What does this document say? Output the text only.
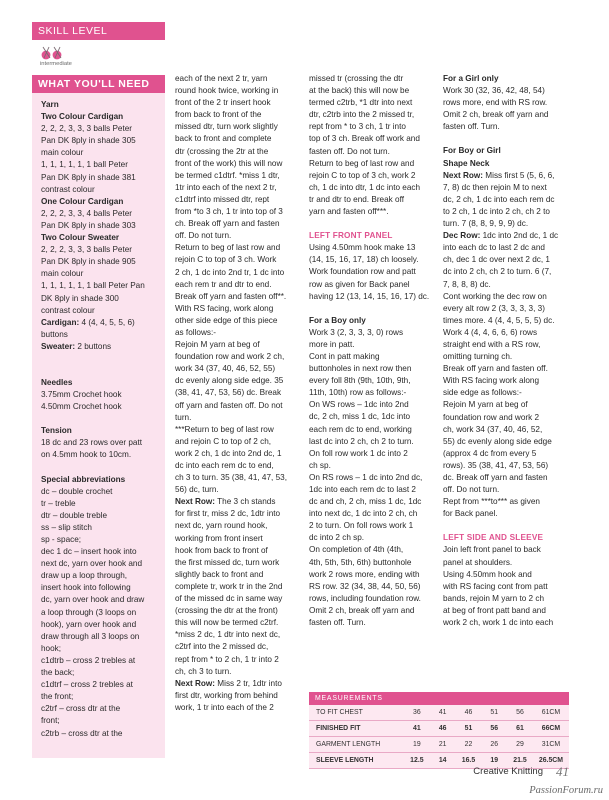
SKILL LEVEL
intermediate
WHAT YOU'LL NEED
Yarn
Two Colour Cardigan
2, 2, 2, 3, 3, 3 balls Peter
Pan DK 8ply in shade 305
main colour
1, 1, 1, 1, 1, 1 ball Peter
Pan DK 8ply in shade 381
contrast colour
One Colour Cardigan
2, 2, 2, 3, 3, 4 balls Peter
Pan DK 8ply in shade 303
Two Colour Sweater
2, 2, 2, 3, 3, 3 balls Peter
Pan DK 8ply in shade 905
main colour
1, 1, 1, 1, 1, 1 ball Peter Pan
DK 8ply in shade 300
contrast colour
Cardigan: 4 (4, 4, 5, 5, 6)
buttons
Sweater: 2 buttons
Needles
3.75mm Crochet hook
4.50mm Crochet hook
Tension
18 dc and 23 rows over patt
on 4.5mm hook to 10cm.
Special abbreviations
dc – double crochet
tr – treble
dtr – double treble
ss – slip stitch
sp - space;
dec 1 dc – insert hook into
next dc, yarn over hook and
draw up a loop through,
insert hook into following
dc, yarn over hook and draw
a loop through (3 loops on
hook), yarn over hook and
draw through all 3 loops on
hook;
c1dtrb – cross 2 trebles at
the back;
c1dtrf – cross 2 trebles at
the front;
c2trf – cross dtr at the
front;
c2trb – cross dtr at the
each of the next 2 tr, yarn
round hook twice, working in
front of the 2 tr insert hook
from back to front of the
missed dtr, turn work slightly
back to front and complete
dtr (crossing the 2tr at the
front of the work) this will now
be termed c1dtrf. *miss 1 dtr,
1tr into each of the next 2 tr,
c1dtrf into missed dtr, rept
from *to 3 ch, 1 tr into top of 3
ch. Break off yarn and fasten
off. Do not turn.
Return to beg of last row and
rejoin C to top of 3 ch. Work
2 ch, 1 dc into 2nd tr, 1 dc into
each rem tr and dtr to end.
Break off yarn and fasten off**.
With RS facing, work along
other side edge of this piece
as follows:-
Rejoin M yarn at beg of
foundation row and work 2 ch,
work 34 (37, 40, 46, 52, 55)
dc evenly along side edge. 35
(38, 41, 47, 53, 56) dc. Break
off yarn and fasten off. Do not
turn.
***Return to beg of last row
and rejoin C to top of 2 ch,
work 2 ch, 1 dc into 2nd dc, 1
dc into each rem dc to end,
ch 3 to turn. 35 (38, 41, 47, 53,
56) dc, turn.
Next Row: The 3 ch stands
for first tr, miss 2 dc, 1dtr into
next dc, yarn round hook,
working from front insert
hook from back to front of
the first missed dc, turn work
slightly back to front and
complete tr, work tr in the 2nd
of the missed dc in same way
(crossing the dtr at the front)
this will now be termed c2trf.
*miss 2 dc, 1 dtr into next dc,
c2trf into the 2 missed dc,
rept from * to 2 ch, 1 tr into 2
ch, ch 3 to turn.
Next Row: Miss 2 tr, 1dtr into
first dtr, working from behind
work, 1 tr into each of the 2
missed tr (crossing the dtr
at the back) this will now be
termed c2trb, *1 dtr into next
dtr, c2trb into the 2 missed tr,
rept from * to 3 ch, 1 tr into
top of 3 ch. Break off work and
fasten off. Do not turn.
Return to beg of last row and
rejoin C to top of 3 ch, work 2
ch, 1 dc into dtr, 1 dc into each
tr and dtr to end. Break off
yarn and fasten off***.
LEFT FRONT PANEL
Using 4.50mm hook make 13
(14, 15, 16, 17, 18) ch loosely.
Work foundation row and patt
row as given for Back panel
having 12 (13, 14, 15, 16, 17) dc.
For a Boy only
Work 3 (2, 3, 3, 3, 0) rows
more in patt.
Cont in patt making
buttonholes in next row then
every foll 8th (9th, 10th, 9th,
11th, 10th) row as follows:-
On WS rows – 1dc into 2nd
dc, 2 ch, miss 1 dc, 1dc into
each rem dc to end, working
last dc into 2 ch, ch 2 to turn.
On foll row work 1 dc into 2
ch sp.
On RS rows – 1 dc into 2nd dc,
1dc into each rem dc to last 2
dc and ch, 2 ch, miss 1 dc, 1dc
into next dc, 1 dc into 2 ch, ch
2 to turn. On foll rows work 1
dc into 2 ch sp.
On completion of 4th (4th,
4th, 5th, 5th, 6th) buttonhole
work 2 rows more, ending with
RS row. 32 (34, 38, 44, 50, 56)
rows, including foundation row.
Omit 2 ch, break off yarn and
fasten off. Turn.
For a Girl only
Work 30 (32, 36, 42, 48, 54)
rows more, end with RS row.
Omit 2 ch, break off yarn and
fasten off. Turn.
For Boy or Girl
Shape Neck
Next Row: Miss first 5 (5, 6, 6,
7, 8) dc then rejoin M to next
dc, 2 ch, 1 dc into each rem dc
to 2 ch, 1 dc into 2 ch, ch 2 to
turn. 7 (8, 8, 9, 9, 9) dc.
Dec Row: 1dc into 2nd dc, 1 dc
into each dc to last 2 dc and
ch, dec 1 dc over next 2 dc, 1
dc into 2 ch, ch 2 to turn. 6 (7,
7, 8, 8, 8) dc.
Cont working the dec row on
every alt row 2 (3, 3, 3, 3, 3)
times more. 4 (4, 4, 5, 5, 5) dc.
Work 4 (4, 4, 6, 6, 6) rows
straight end with a RS row,
omitting turning ch.
Break off yarn and fasten off.
With RS facing work along
side edge as follows:-
Rejoin M yarn at beg of
foundation row and work 2
ch, work 34 (37, 40, 46, 52,
55) dc evenly along side edge
(approx 4 dc from every 5
rows). 35 (38, 41, 47, 53, 56)
dc. Break off yarn and fasten
off. Do not turn.
Rept from ***to*** as given
for Back panel.
LEFT SIDE AND SLEEVE
Join left front panel to back
panel at shoulders.
Using 4.50mm hook and
with RS facing cont from patt
bands, rejoin M yarn to 2 ch
at beg of front patt band and
work 2 ch, work 1 dc into each
MEASUREMENTS
TO FIT CHEST	36	41	46	51	56	61CM
FINISHED FIT	41	46	51	56	61	66CM
GARMENT LENGTH	19	21	22	26	29	31CM
SLEEVE LENGTH	12.5	14	16.5	19	21.5	26.5CM
Creative Knitting 41
PassionForum.ru
